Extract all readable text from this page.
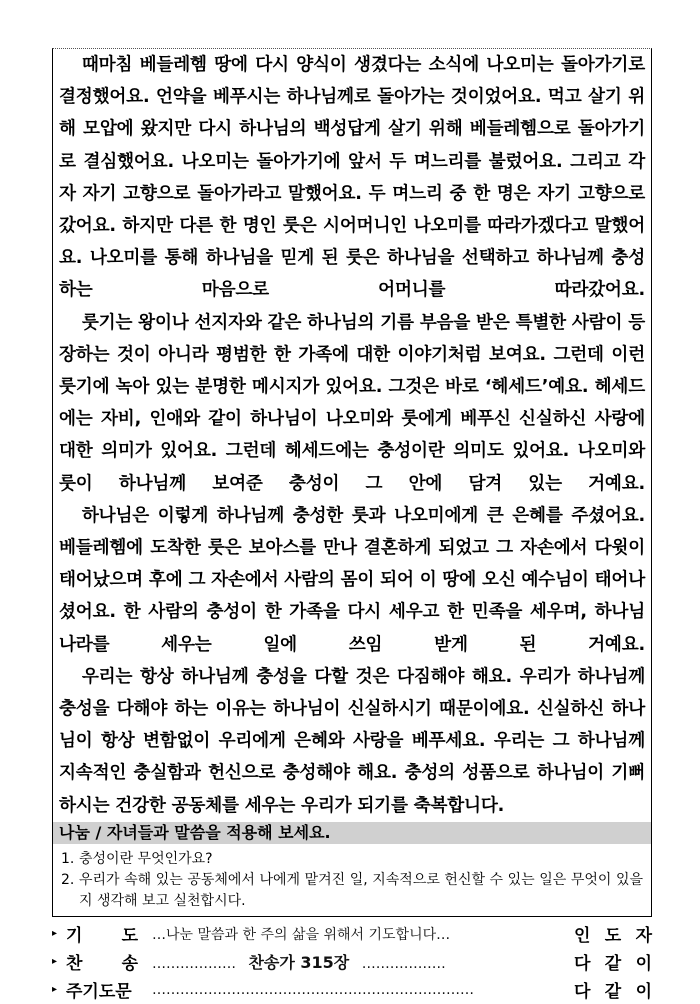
때마침 베들레헴 땅에 다시 양식이 생겼다는 소식에 나오미는 돌아가기로 결정했어요. 언약을 베푸시는 하나님께로 돌아가는 것이었어요. 먹고 살기 위해 모압에 왔지만 다시 하나님의 백성답게 살기 위해 베들레헴으로 돌아가기로 결심했어요. 나오미는 돌아가기에 앞서 두 며느리를 불렀어요. 그리고 각자 자기 고향으로 돌아가라고 말했어요. 두 며느리 중 한 명은 자기 고향으로 갔어요. 하지만 다른 한 명인 룻은 시어머니인 나오미를 따라가겠다고 말했어요. 나오미를 통해 하나님을 믿게 된 룻은 하나님을 선택하고 하나님께 충성하는 마음으로 어머니를 따라갔어요.

룻기는 왕이나 선지자와 같은 하나님의 기름 부음을 받은 특별한 사람이 등장하는 것이 아니라 평범한 한 가족에 대한 이야기처럼 보여요. 그런데 이런 룻기에 녹아 있는 분명한 메시지가 있어요. 그것은 바로 ‘헤세드’예요. 헤세드에는 자비, 인애와 같이 하나님이 나오미와 룻에게 베푸신 신실하신 사랑에 대한 의미가 있어요. 그런데 헤세드에는 충성이란 의미도 있어요. 나오미와 룻이 하나님께 보여준 충성이 그 안에 담겨 있는 거예요.

하나님은 이렇게 하나님께 충성한 룻과 나오미에게 큰 은혜를 주셨어요. 베들레헴에 도착한 룻은 보아스를 만나 결혼하게 되었고 그 자손에서 다윗이 태어났으며 후에 그 자손에서 사람의 몸이 되어 이 땅에 오신 예수님이 태어나셨어요. 한 사람의 충성이 한 가족을 다시 세우고 한 민족을 세우며, 하나님 나라를 세우는 일에 쓰임 받게 된 거예요.

우리는 항상 하나님께 충성을 다할 것은 다짐해야 해요. 우리가 하나님께 충성을 다해야 하는 이유는 하나님이 신실하시기 때문이에요. 신실하신 하나님이 항상 변함없이 우리에게 은혜와 사랑을 베푸세요. 우리는 그 하나님께 지속적인 충실함과 헌신으로 충성해야 해요. 충성의 성품으로 하나님이 기뻐하시는 건강한 공동체를 세우는 우리가 되기를 축복합니다.

나눔 / 자녀들과 말씀을 적용해 보세요.
1. 충성이란 무엇인가요?
2. 우리가 속해 있는 공동체에서 나에게 맡겨진 일, 지속적으로 헌신할 수 있는 일은 무엇이 있을지 생각해 보고 실천합시다.
▸ 기 도 …나눈 말씀과 한 주의 삶을 위해서 기도합니다…	인 도 자
▸ 찬 송 ……………… 찬송가 315장 ………………	다 같 이
▸ 주기도문 ……………………………………………………………	다 같 이
